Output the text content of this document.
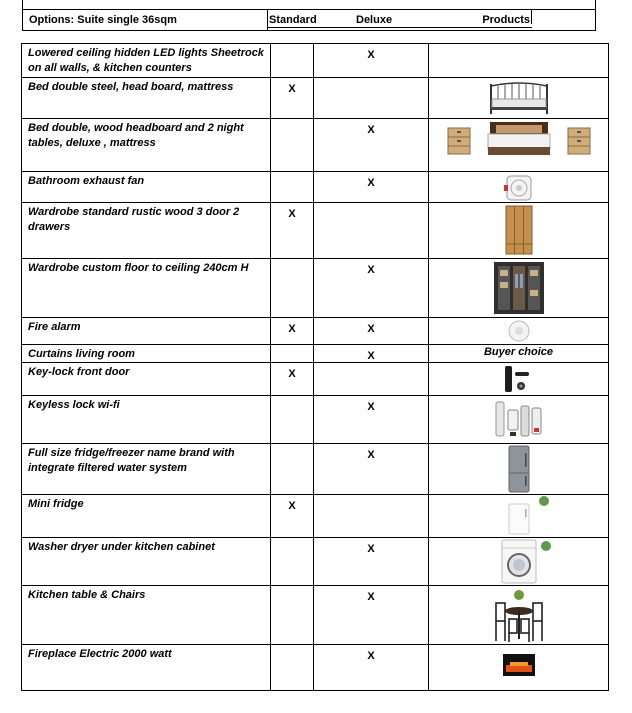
Options: Suite single 36sqm	Standard	Deluxe	Products
Lowered ceiling hidden LED lights Sheetrock on all walls, & kitchen counters		X	
Bed double steel, head board, mattress	X		

Bed double, wood headboard and 2 night tables, deluxe , mattress		X	

Bathroom exhaust fan		X	

Wardrobe standard rustic wood 3 door 2 drawers	X		

Wardrobe custom floor to ceiling 240cm H		X	

Fire alarm	X	X	

Curtains living room		X	Buyer choice

Key-lock front door	X		

Keyless lock wi-fi		X	

Full size fridge/freezer name brand with integrate filtered water system		X	

Mini fridge	X		

Washer dryer under kitchen cabinet		X	

Kitchen table & Chairs		X	

Fireplace Electric 2000 watt		X	
